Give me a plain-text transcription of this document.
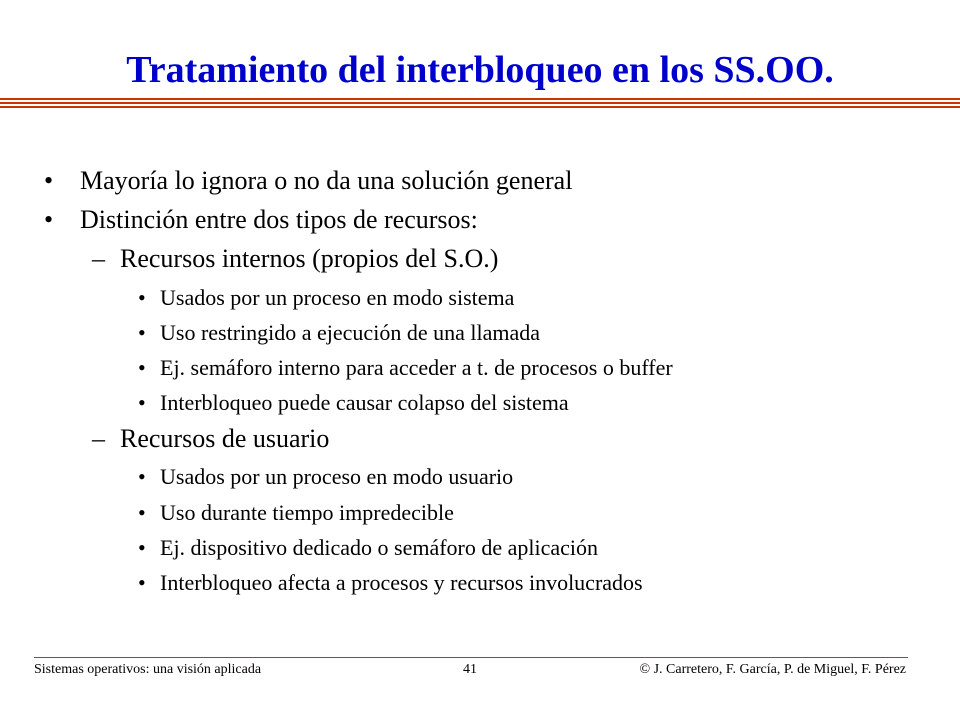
Tratamiento del interbloqueo en los SS.OO.
• Mayoría lo ignora o no da una solución general
• Distinción entre dos tipos de recursos:
– Recursos internos (propios del S.O.)
• Usados por un proceso en modo sistema
• Uso restringido a ejecución de una llamada
• Ej. semáforo interno para acceder a t. de procesos o buffer
• Interbloqueo puede causar colapso del sistema
– Recursos de usuario
• Usados por un proceso en modo usuario
• Uso durante tiempo impredecible
• Ej. dispositivo dedicado o semáforo de aplicación
• Interbloqueo afecta a procesos y recursos involucrados
Sistemas operativos: una visión aplicada	41	© J. Carretero, F. García, P. de Miguel, F. Pérez
